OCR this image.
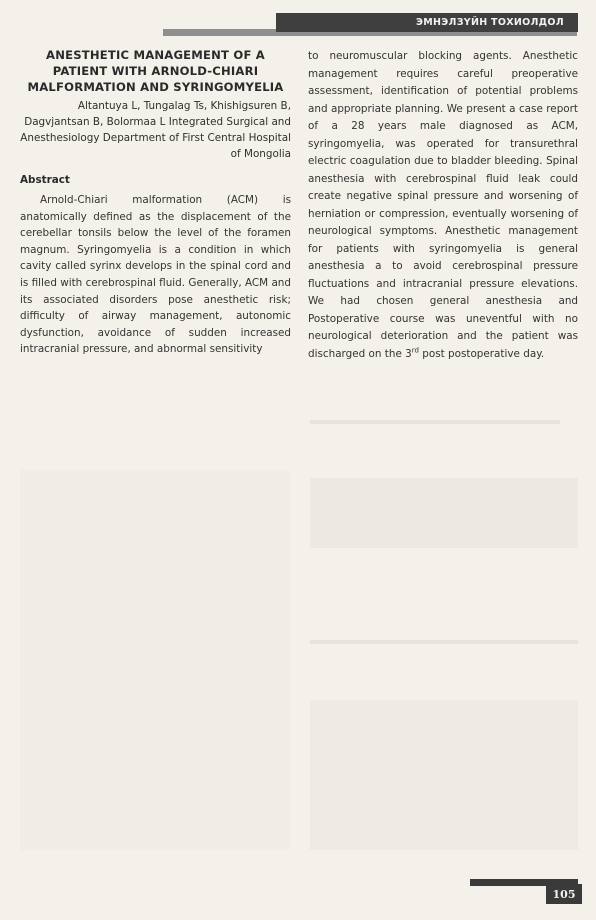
ЭМНЭЛЗҮЙН ТОХИОЛДОЛ
ANESTHETIC MANAGEMENT OF A PATIENT WITH ARNOLD-CHIARI MALFORMATION AND SYRINGOMYELIA
Altantuya L, Tungalag Ts, Khishigsuren B, Dagvjantsan B, Bolormaa L Integrated Surgical and Anesthesiology Department of First Central Hospital of Mongolia
Abstract

Arnold-Chiari malformation (ACM) is anatomically defined as the displacement of the cerebellar tonsils below the level of the foramen magnum. Syringomyelia is a condition in which cavity called syrinx develops in the spinal cord and is filled with cerebrospinal fluid. Generally, ACM and its associated disorders pose anesthetic risk; difficulty of airway management, autonomic dysfunction, avoidance of sudden increased intracranial pressure, and abnormal sensitivity

to neuromuscular blocking agents. Anesthetic management requires careful preoperative assessment, identification of potential problems and appropriate planning. We present a case report of a 28 years male diagnosed as ACM, syringomyelia, was operated for transurethral electric coagulation due to bladder bleeding. Spinal anesthesia with cerebrospinal fluid leak could create negative spinal pressure and worsening of herniation or compression, eventually worsening of neurological symptoms. Anesthetic management for patients with syringomyelia is general anesthesia a to avoid cerebrospinal pressure fluctuations and intracranial pressure elevations. We had chosen general anesthesia and Postoperative course was uneventful with no neurological deterioration and the patient was discharged on the 3rd post postoperative day.

105
